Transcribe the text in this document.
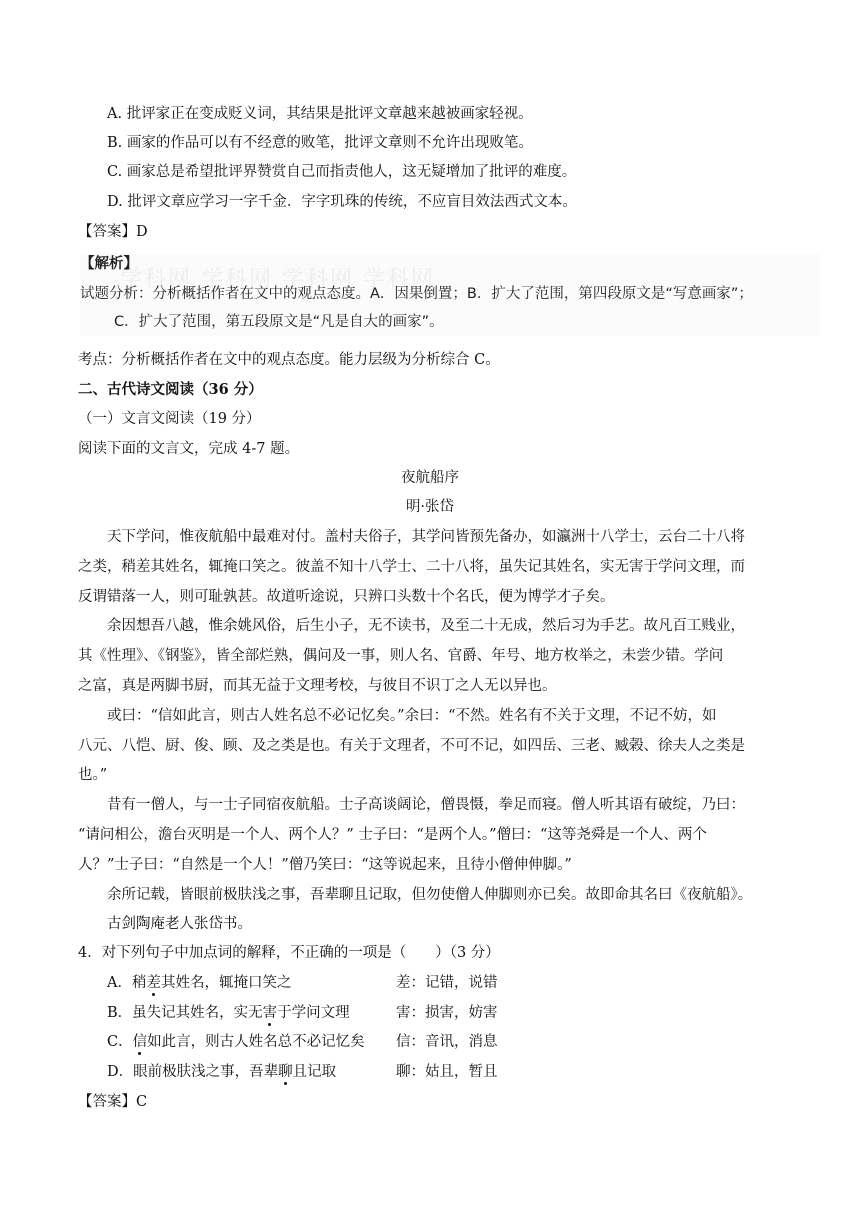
A. 批评家正在变成贬义词，其结果是批评文章越来越被画家轻视。
B. 画家的作品可以有不经意的败笔，批评文章则不允许出现败笔。
C. 画家总是希望批评界赞赏自己而指责他人，这无疑增加了批评的难度。
D. 批评文章应学习一字千金．字字玑珠的传统，不应盲目效法西式文本。
【答案】D
学科网 学科网 学科网 学科网
【解析】
试题分析：分析概括作者在文中的观点态度。A．因果倒置；B．扩大了范围，第四段原文是“写意画家”；
C．扩大了范围，第五段原文是“凡是自大的画家”。
考点：分析概括作者在文中的观点态度。能力层级为分析综合 C。
二、古代诗文阅读（36 分）
（一）文言文阅读（19 分）
阅读下面的文言文，完成 4-7 题。
夜航船序
明·张岱
天下学问，惟夜航船中最难对付。盖村夫俗子，其学问皆预先备办，如瀛洲十八学士，云台二十八将
之类，稍差其姓名，辄掩口笑之。彼盖不知十八学士、二十八将，虽失记其姓名，实无害于学问文理，而
反谓错落一人，则可耻孰甚。故道听途说，只辨口头数十个名氏，便为博学才子矣。
余因想吾八越，惟余姚风俗，后生小子，无不读书，及至二十无成，然后习为手艺。故凡百工贱业，
其《性理》、《钢鉴》，皆全部烂熟，偶问及一事，则人名、官爵、年号、地方枚举之，未尝少错。学问
之富，真是两脚书厨，而其无益于文理考校，与彼目不识丁之人无以异也。
或曰：“信如此言，则古人姓名总不必记忆矣。”余曰：“不然。姓名有不关于文理，不记不妨，如
八元、八恺、厨、俊、顾、及之类是也。有关于文理者，不可不记，如四岳、三老、臧榖、徐夫人之类是
也。”
昔有一僧人，与一士子同宿夜航船。士子高谈阔论，僧畏慑，拳足而寝。僧人听其语有破绽，乃曰：
“请问相公，澹台灭明是一个人、两个人？” 士子曰：“是两个人。”僧曰：“这等尧舜是一个人、两个
人？”士子曰：“自然是一个人！”僧乃笑曰：“这等说起来，且待小僧伸伸脚。”
余所记载，皆眼前极肤浅之事，吾辈聊且记取，但勿使僧人伸脚则亦已矣。故即命其名曰《夜航船》。
古剑陶庵老人张岱书。
4．对下列句子中加点词的解释，不正确的一项是（　　）（3 分）
A．稍差其姓名，辄掩口笑之	差：记错，说错
B．虽失记其姓名，实无害于学问文理	害：损害，妨害
C．信如此言，则古人姓名总不必记忆矣 信：音讯，消息
D．眼前极肤浅之事，吾辈聊且记取	聊：姑且，暂且
【答案】C
